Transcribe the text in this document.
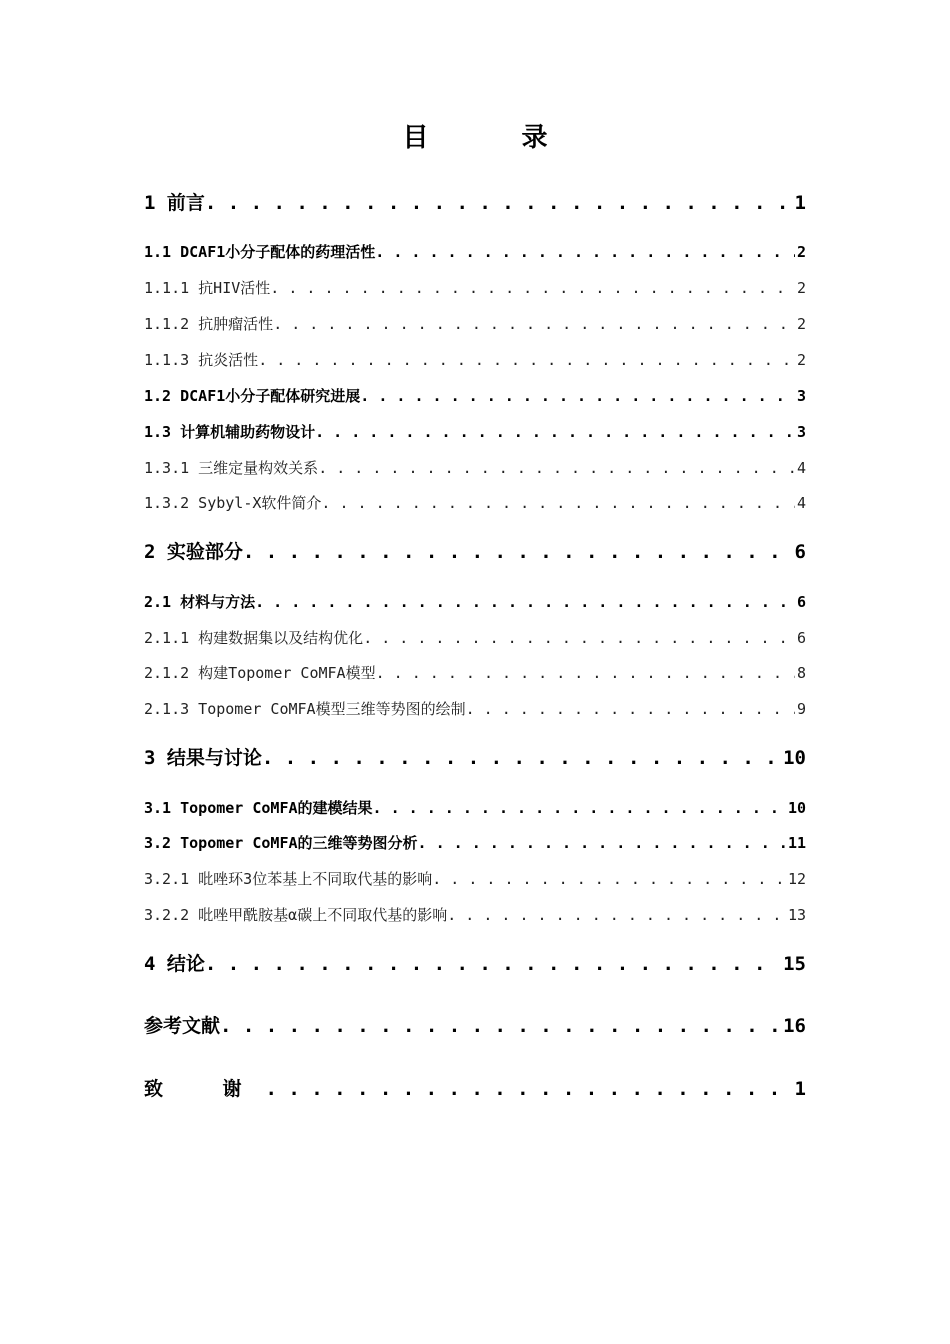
目 录
1 前言 . . .	1
1.1 DCAF1小分子配体的药理活性 . . .	2
1.1.1 抗HIV活性 . . .	2
1.1.2 抗肿瘤活性 . . .	2
1.1.3 抗炎活性 . . .	2
1.2 DCAF1小分子配体研究进展 . . .	3
1.3 计算机辅助药物设计 . . .	3
1.3.1 三维定量构效关系 . . .	4
1.3.2 Sybyl-X软件简介 . . .	4
2 实验部分 . . .	6
2.1 材料与方法 . . .	6
2.1.1 构建数据集以及结构优化 . . .	6
2.1.2 构建Topomer CoMFA模型 . . .	8
2.1.3 Topomer CoMFA模型三维等势图的绘制 . . .	9
3 结果与讨论 . . .	10
3.1 Topomer CoMFA的建模结果 . . .	10
3.2 Topomer CoMFA的三维等势图分析 . . .	11
3.2.1 吡唑环3位苯基上不同取代基的影响 . . .	12
3.2.2 吡唑甲酰胺基α碳上不同取代基的影响 . . .	13
4 结论 . . .	15
参考文献 . . .	16
致 谢 . . .	1
